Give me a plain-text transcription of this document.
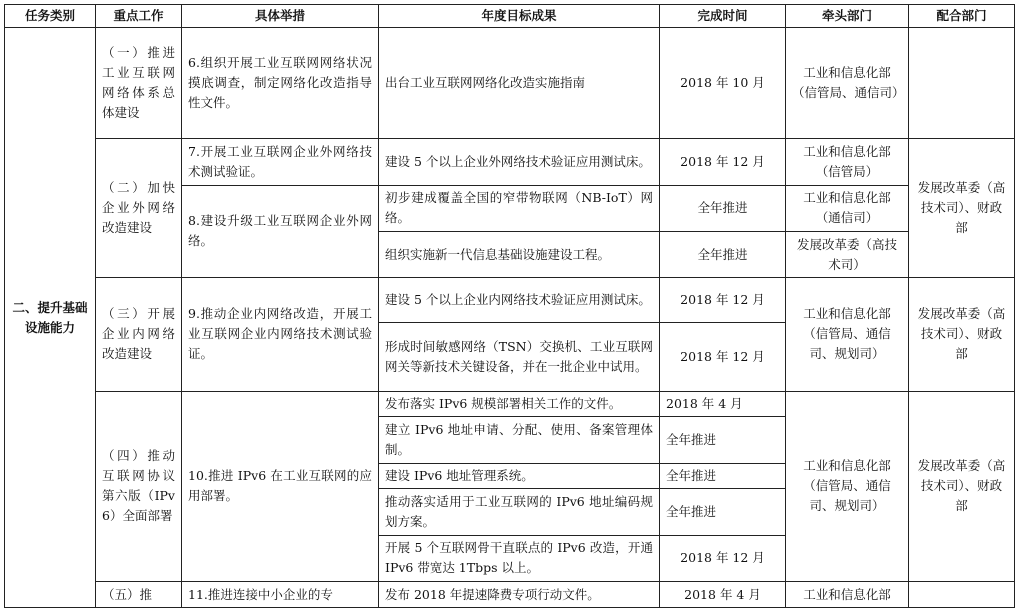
任务类别	重点工作	具体举措	年度目标成果	完成时间	牵头部门	配合部门
二、提升基础设施能力	（一）推进工业互联网网络体系总体建设	6.组织开展工业互联网网络状况摸底调查，制定网络化改造指导性文件。	出台工业互联网网络化改造实施指南	2018 年 10 月	工业和信息化部（信管局、通信司）	
	（二）加快企业外网络改造建设	7.开展工业互联网企业外网络技术测试验证。	建设 5 个以上企业外网络技术验证应用测试床。	2018 年 12 月	工业和信息化部（信管局）	发展改革委（高技术司）、财政部
		8.建设升级工业互联网企业外网络。	初步建成覆盖全国的窄带物联网（NB-IoT）网络。	全年推进	工业和信息化部（通信司）	
			组织实施新一代信息基础设施建设工程。	全年推进	发展改革委（高技术司）	
	（三）开展企业内网络改造建设	9.推动企业内网络改造，开展工业互联网企业内网络技术测试验证。	建设 5 个以上企业内网络技术验证应用测试床。	2018 年 12 月	工业和信息化部（信管局、通信司、规划司）	发展改革委（高技术司）、财政部
			形成时间敏感网络（TSN）交换机、工业互联网网关等新技术关键设备，并在一批企业中试用。	2018 年 12 月		
	（四）推动互联网协议第六版（IPv6）全面部署	10.推进 IPv6 在工业互联网的应用部署。	发布落实 IPv6 规模部署相关工作的文件。	2018 年 4 月	工业和信息化部（信管局、通信司、规划司）	发展改革委（高技术司）、财政部
			建立 IPv6 地址申请、分配、使用、备案管理体制。	全年推进		
			建设 IPv6 地址管理系统。	全年推进		
			推动落实适用于工业互联网的 IPv6 地址编码规划方案。	全年推进		
			开展 5 个互联网骨干直联点的 IPv6 改造，开通 IPv6 带宽达 1Tbps 以上。	2018 年 12 月		
	（五）推	11.推进连接中小企业的专	发布 2018 年提速降费专项行动文件。	2018 年 4 月	工业和信息化部	
